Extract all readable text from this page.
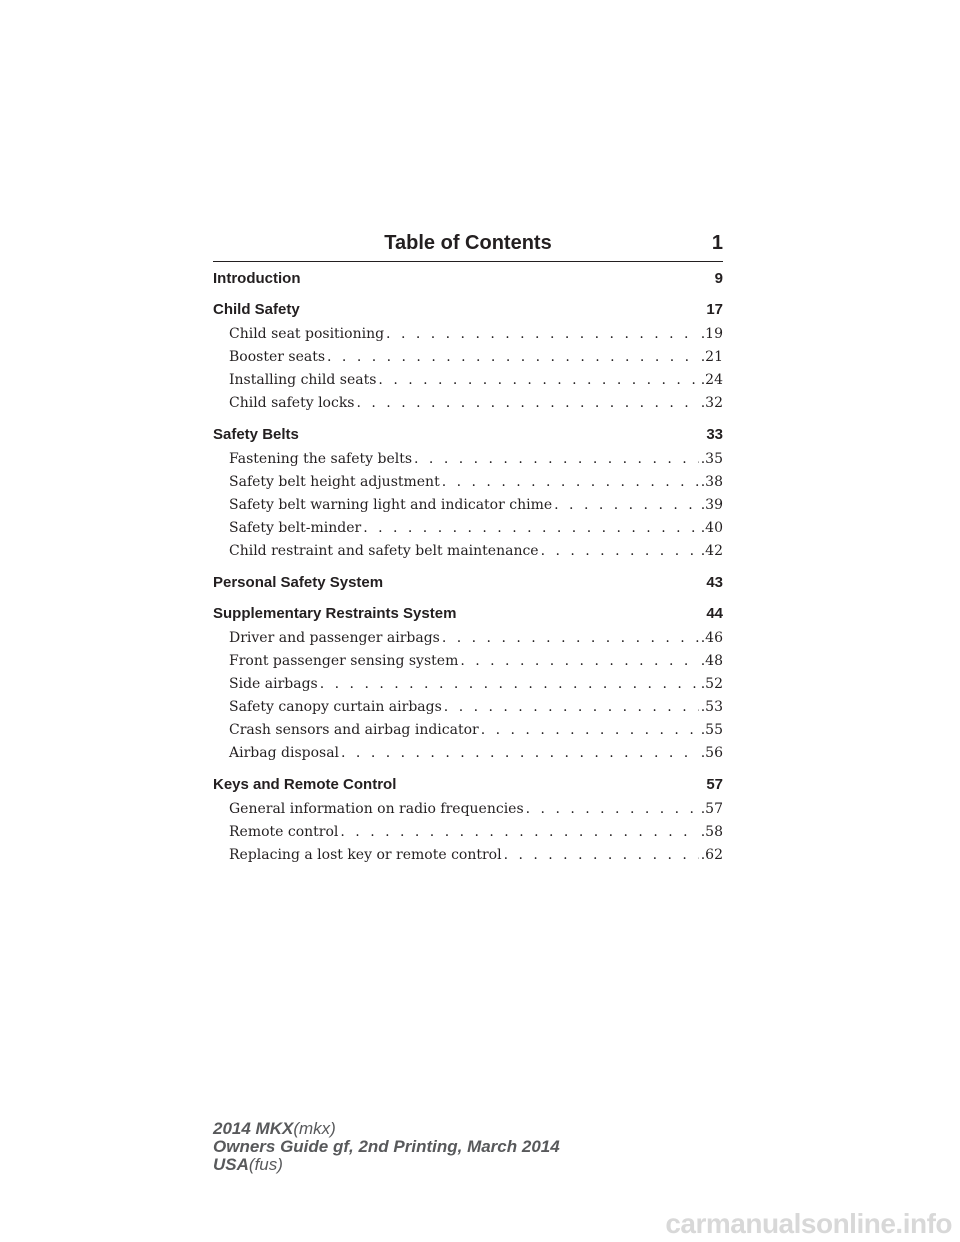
Table of Contents	1
Introduction	9
Child Safety	17
Child seat positioning . . .	.19
Booster seats . . .	.21
Installing child seats . . .	.24
Child safety locks . . .	.32
Safety Belts	33
Fastening the safety belts . . .	.35
Safety belt height adjustment . . .	.38
Safety belt warning light and indicator chime . . .	.39
Safety belt-minder . . .	.40
Child restraint and safety belt maintenance . . .	.42
Personal Safety System	43
Supplementary Restraints System	44
Driver and passenger airbags . . .	.46
Front passenger sensing system . . .	.48
Side airbags . . .	.52
Safety canopy curtain airbags . . .	.53
Crash sensors and airbag indicator . . .	.55
Airbag disposal . . .	.56
Keys and Remote Control	57
General information on radio frequencies . . .	.57
Remote control . . .	.58
Replacing a lost key or remote control . . .	.62
2014 MKX(mkx)
Owners Guide gf, 2nd Printing, March 2014
USA(fus)
carmanualsonline.info
